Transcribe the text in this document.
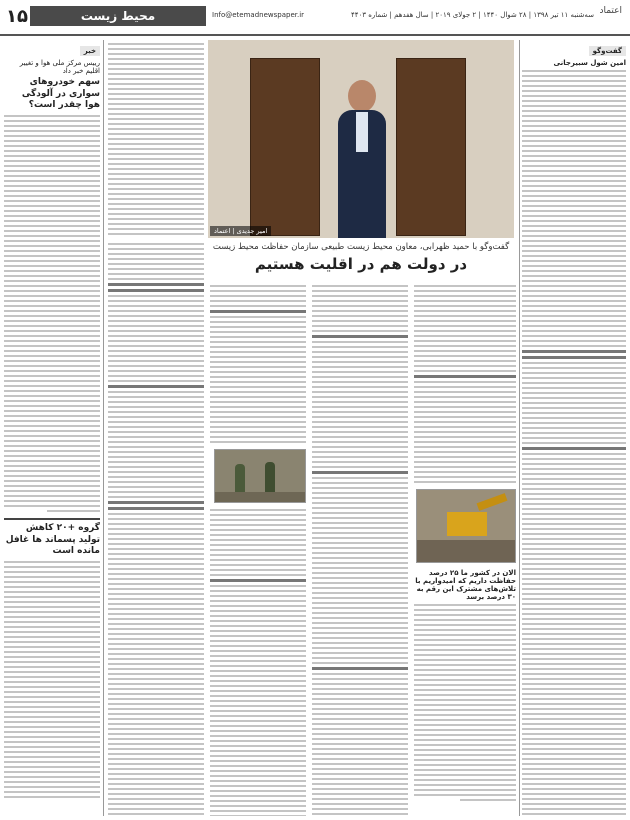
۱۵	محیط زیست	Info@etemadnewspaper.ir	سه‌شنبه ۱۱ تیر ۱۳۹۸ | ۲۸ شوال ۱۴۴۰ | ۲ جولای ۲۰۱۹ | سال هفدهم | شماره ۴۴۰۳ اعتماد
خبر
رییس مرکز ملی هوا و تغییر اقلیم خبر داد
سهم خودروهای سواری در آلودگی هوا چقدر است؟
گروه +۲۰ کاهش تولید پسماند ها غافل مانده است
گفت‌وگو
امین شول سبیرجانی
امیر جدیدی | اعتماد
گفت‌وگو با حمید ظهرابی، معاون محیط زیست طبیعی سازمان حفاظت محیط زیست
در دولت هم در اقلیت هستیم
الان در کشور ما ۲۵ درصد حفاظت داریم که امیدواریم با تلاش‌های مشترک این رقم به ۳۰ درصد برسد
